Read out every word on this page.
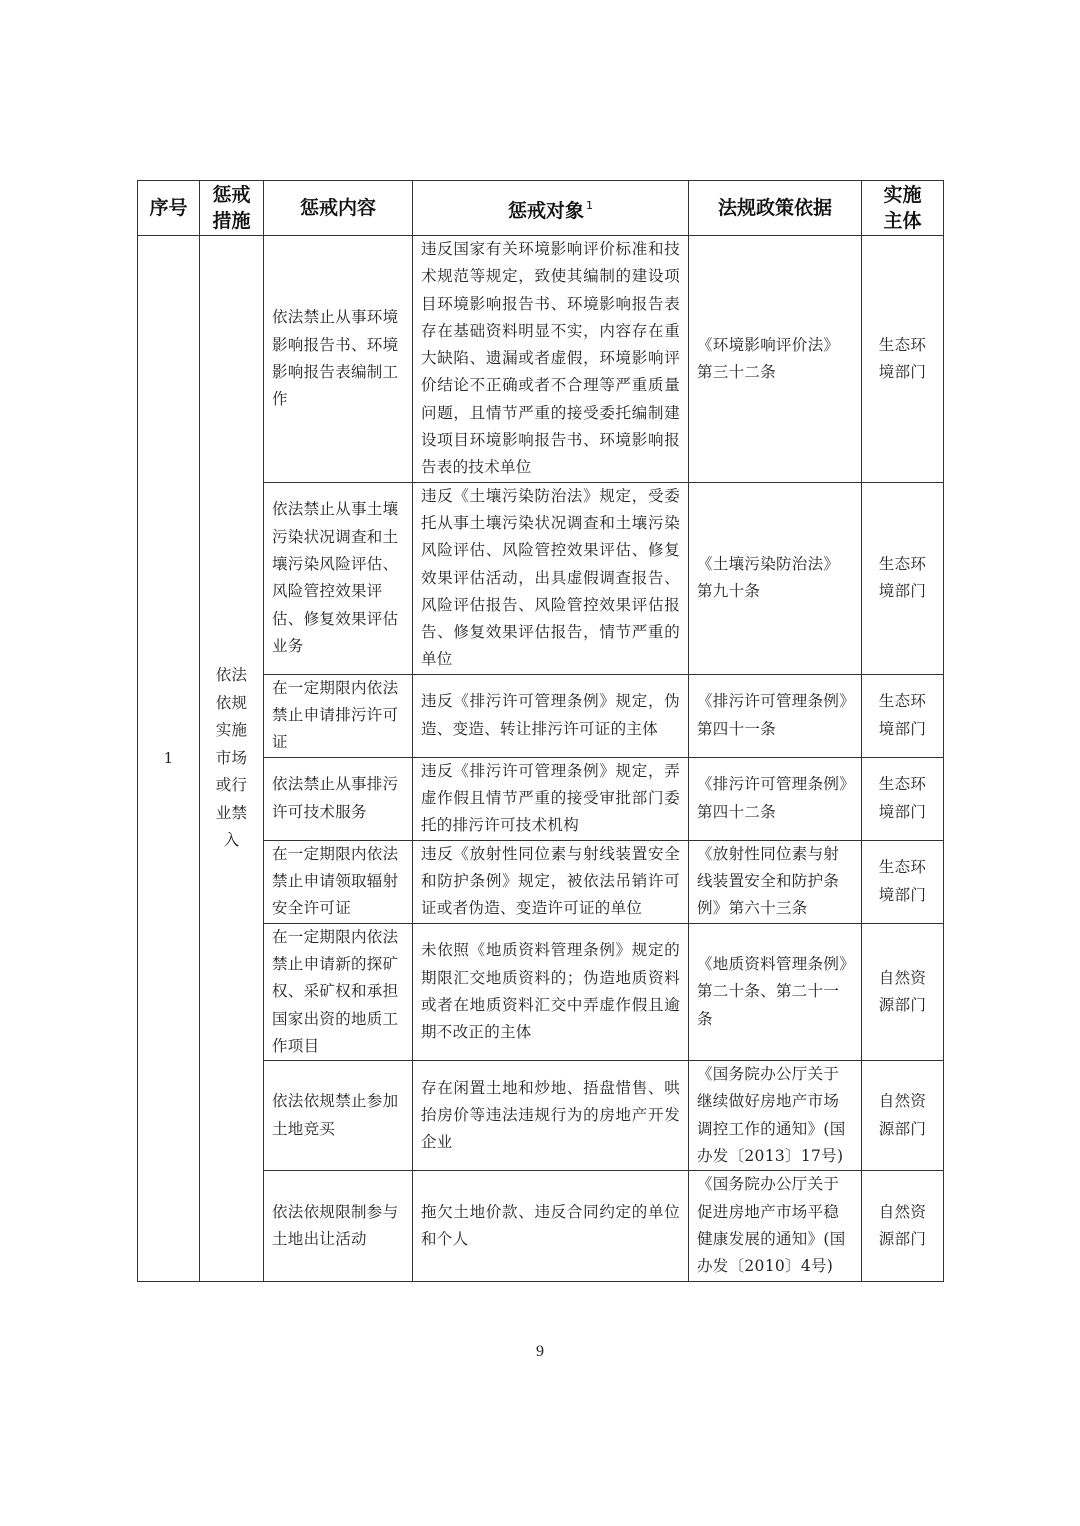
序号	惩戒措施	惩戒内容	惩戒对象 $^1$	法规政策依据	实施主体
1	依法依规实施市场或行业禁入	依法禁止从事环境影响报告书、环境影响报告表编制工作	违反国家有关环境影响评价标准和技术规范等规定，致使其编制的建设项目环境影响报告书、环境影响报告表存在基础资料明显不实，内容存在重大缺陷、遗漏或者虚假，环境影响评价结论不正确或者不合理等严重质量问题，且情节严重的接受委托编制建设项目环境影响报告书、环境影响报告表的技术单位	《环境影响评价法》第三十二条	生态环境部门
		依法禁止从事土壤污染状况调查和土壤污染风险评估、风险管控效果评估、修复效果评估业务	违反《土壤污染防治法》规定，受委托从事土壤污染状况调查和土壤污染风险评估、风险管控效果评估、修复效果评估活动，出具虚假调查报告、风险评估报告、风险管控效果评估报告、修复效果评估报告，情节严重的单位	《土壤污染防治法》第九十条	生态环境部门
		在一定期限内依法禁止申请排污许可证	违反《排污许可管理条例》规定，伪造、变造、转让排污许可证的主体	《排污许可管理条例》第四十一条	生态环境部门
		依法禁止从事排污许可技术服务	违反《排污许可管理条例》规定，弄虚作假且情节严重的接受审批部门委托的排污许可技术机构	《排污许可管理条例》第四十二条	生态环境部门
		在一定期限内依法禁止申请领取辐射安全许可证	违反《放射性同位素与射线装置安全和防护条例》规定，被依法吊销许可证或者伪造、变造许可证的单位	《放射性同位素与射线装置安全和防护条例》第六十三条	生态环境部门
		在一定期限内依法禁止申请新的探矿权、采矿权和承担国家出资的地质工作项目	未依照《地质资料管理条例》规定的期限汇交地质资料的；伪造地质资料或者在地质资料汇交中弄虚作假且逾期不改正的主体	《地质资料管理条例》第二十条、第二十一条	自然资源部门
		依法依规禁止参加土地竞买	存在闲置土地和炒地、捂盘惜售、哄抬房价等违法违规行为的房地产开发企业	《国务院办公厅关于继续做好房地产市场调控工作的通知》(国办发〔2013〕17号)	自然资源部门
		依法依规限制参与土地出让活动	拖欠土地价款、违反合同约定的单位和个人	《国务院办公厅关于促进房地产市场平稳健康发展的通知》(国办发〔2010〕4号)	自然资源部门
9
